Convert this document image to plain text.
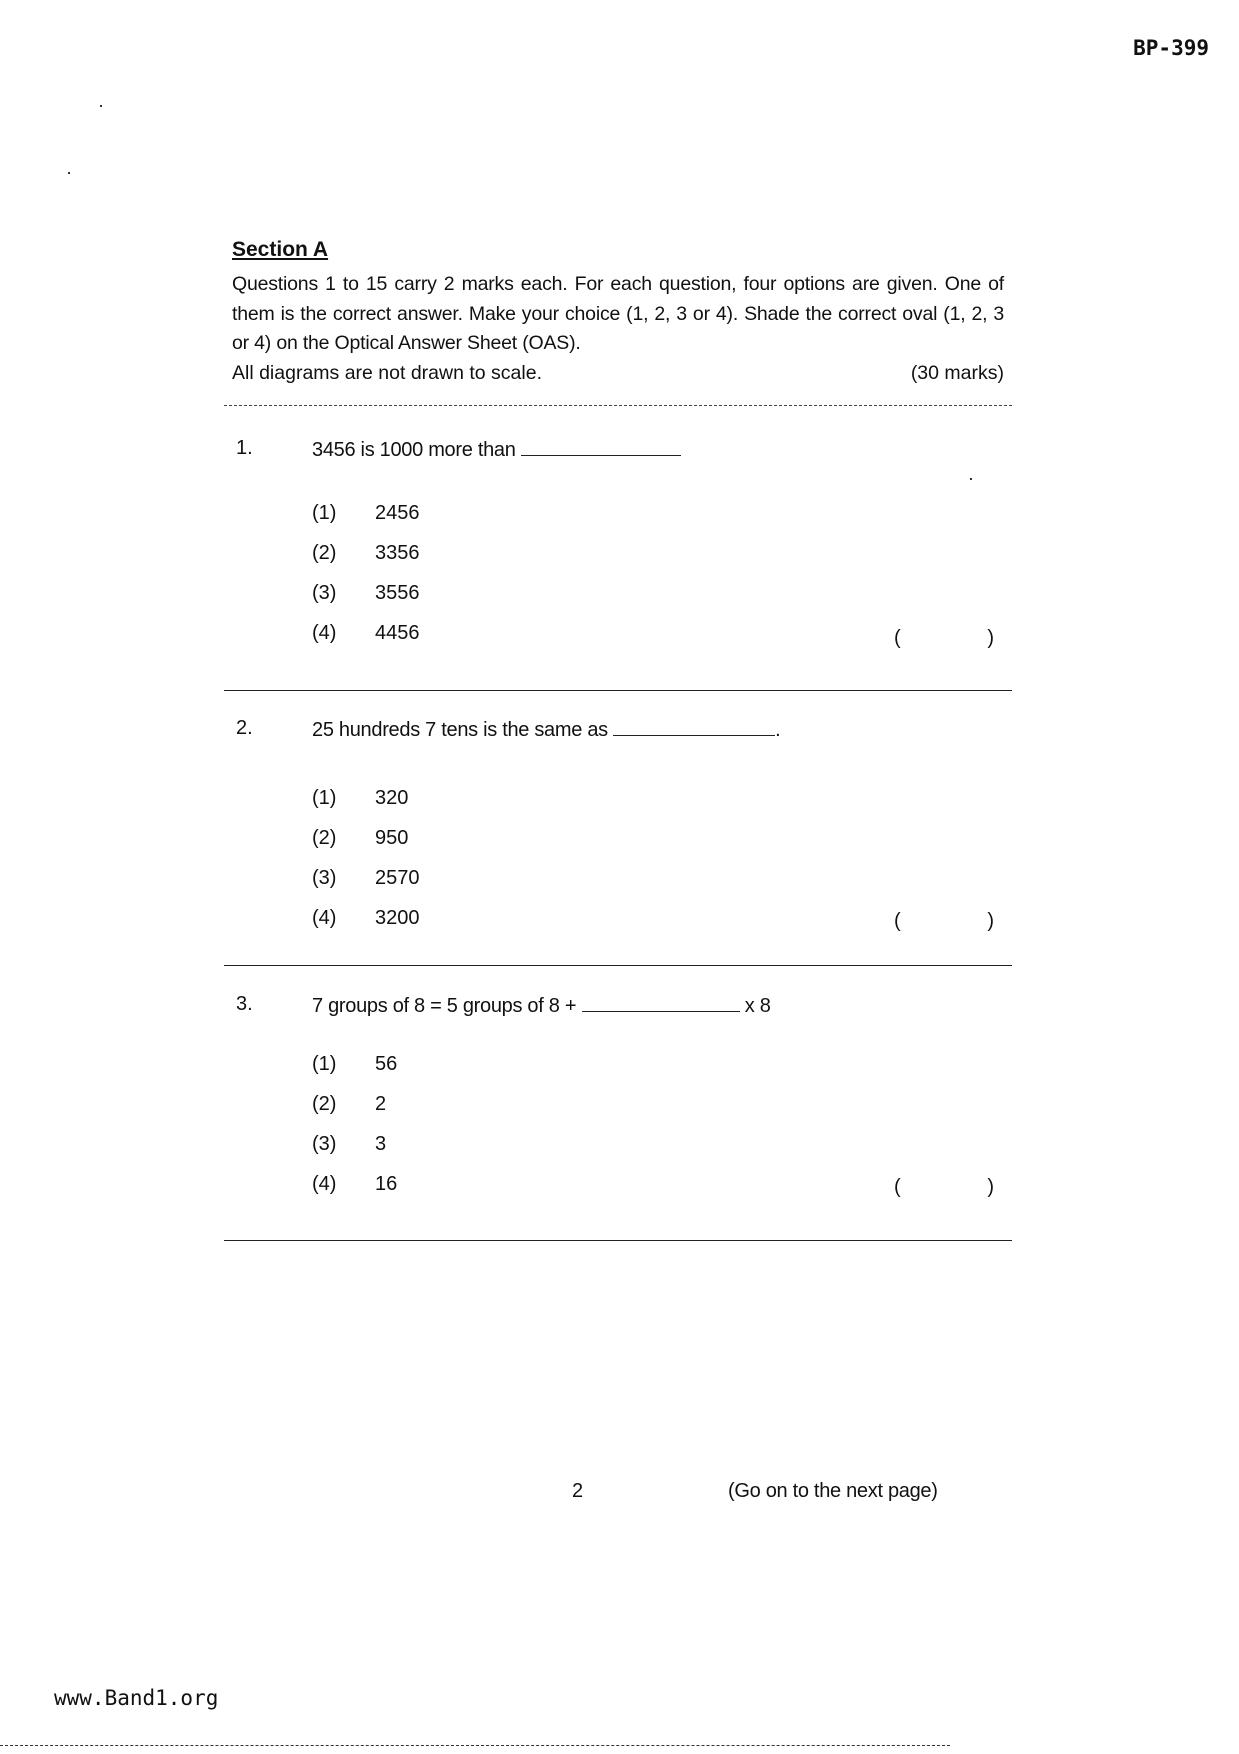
BP-399
Section A
Questions 1 to 15 carry 2 marks each. For each question, four options are given. One of them is the correct answer. Make your choice (1, 2, 3 or 4). Shade the correct oval (1, 2, 3 or 4) on the Optical Answer Sheet (OAS).
All diagrams are not drawn to scale.	(30 marks)
1.	3456 is 1000 more than
(1) 2456
(2) 3356
(3) 3556
(4) 4456	(	)
2.	25 hundreds 7 tens is the same as	.
(1) 320
(2) 950
(3) 2570
(4) 3200	(	)
3.	7 groups of 8 = 5 groups of 8 +	x 8
(1) 56
(2) 2
(3) 3
(4) 16	(	)
2	(Go on to the next page)
www.Band1.org
